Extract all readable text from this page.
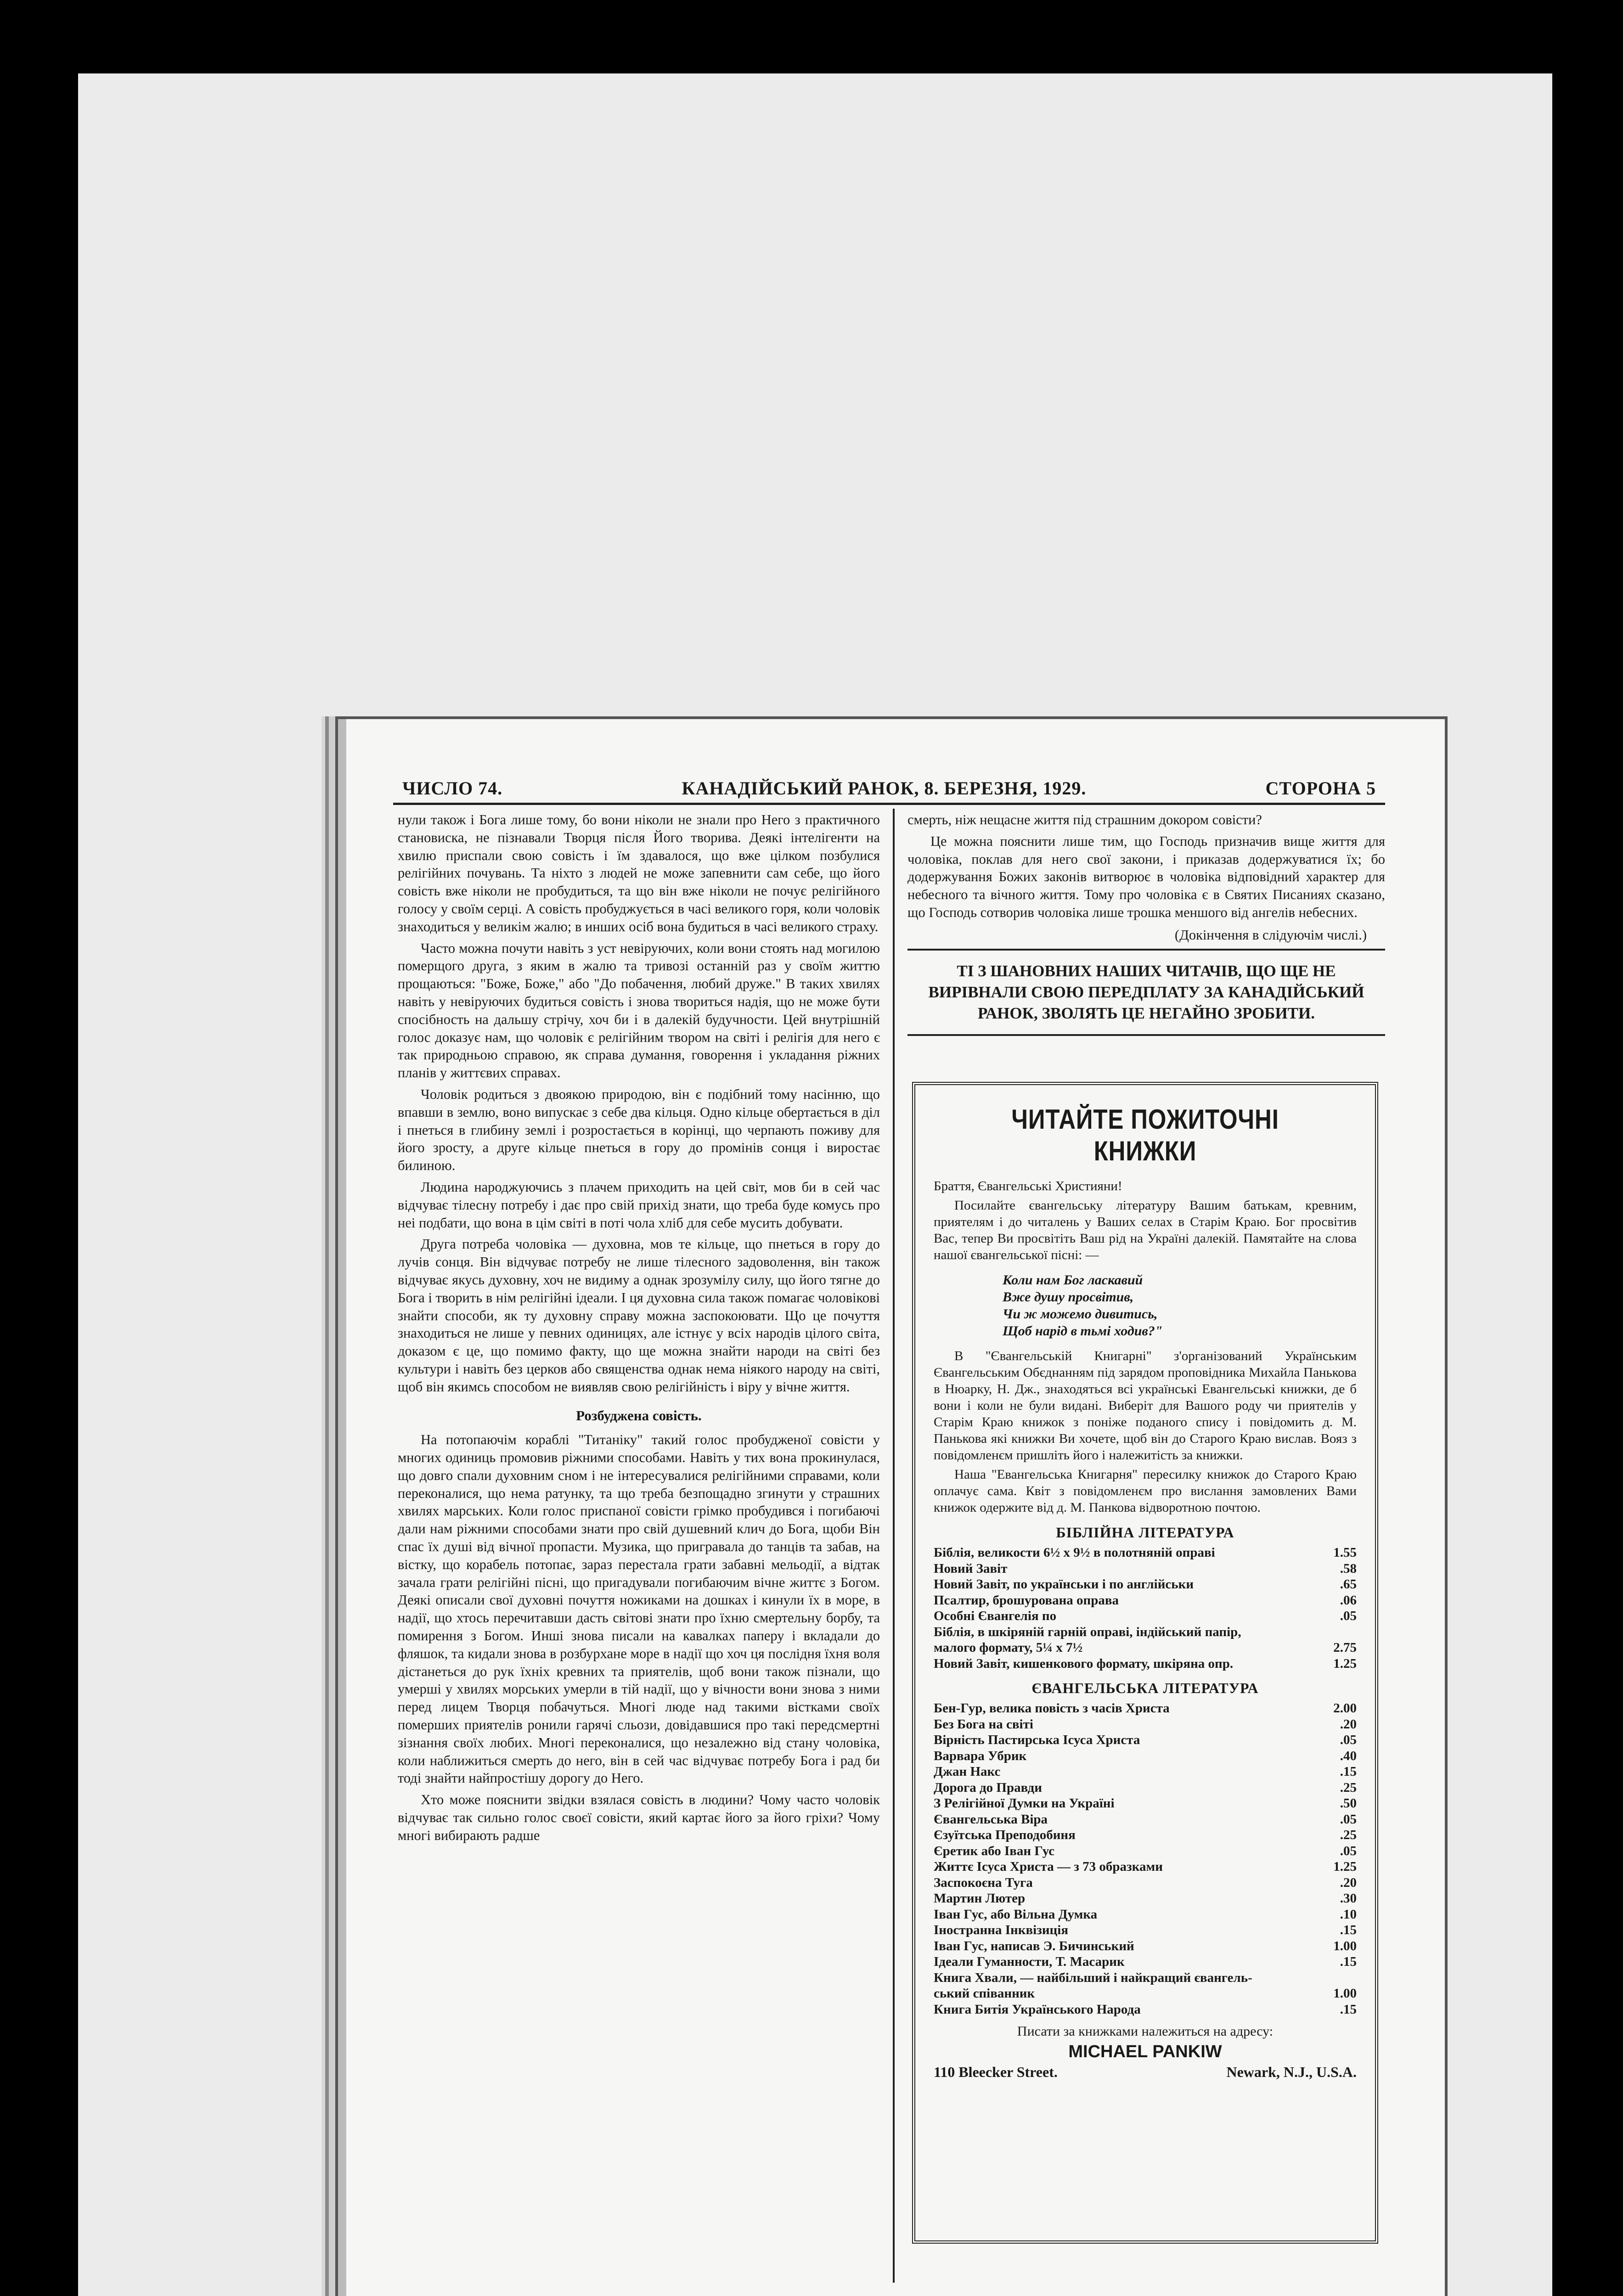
ЧИСЛО 74.	КАНАДІЙСЬКИЙ РАНОК, 8. БЕРЕЗНЯ, 1929.	СТОРОНА 5

нули також і Бога лише тому, бо вони ніколи не знали про Него з практичного становиска, не пізнавали Творця після Його творива. Деякі інтелігенти на хвилю приспали свою совість і їм здавалося, що вже цілком позбулися релігійних почувань. Та ніхто з людей не може запевнити сам себе, що його совість вже ніколи не пробудиться, та що він вже ніколи не почує релігійного голосу у своїм серці. А совість пробуджується в часі великого горя, коли чоловік знаходиться у великім жалю; в инших осіб вона будиться в часі великого страху.

Часто можна почути навіть з уст невіруючих, коли вони стоять над могилою померщого друга, з яким в жалю та тривозі останній раз у своїм життю прощаються: "Боже, Боже," або "До побачення, любий друже." В таких хвилях навіть у невіруючих будиться совість і знова твориться надія, що не може бути спосібность на дальшу стрічу, хоч би і в далекій будучности. Цей внутрішній голос доказує нам, що чоловік є релігійним твором на світі і релігія для него є так природньою справою, як справа думання, говорення і укладання ріжних планів у життєвих справах.

Чоловік родиться з двоякою природою, він є подібний тому насінню, що впавши в землю, воно випускає з себе два кільця. Одно кільце обертається в діл і пнеться в глибину землі і розростається в корінці, що черпають поживу для його зросту, а друге кільце пнеться в гору до промінів сонця і виростає билиною.

Людина народжуючись з плачем приходить на цей світ, мов би в сей час відчуває тілесну потребу і дає про свій прихід знати, що треба буде комусь про неі подбати, що вона в цім світі в поті чола хліб для себе мусить добувати.

Друга потреба чоловіка — духовна, мов те кільце, що пнеться в гору до лучів сонця. Він відчуває потребу не лише тілесного задоволення, він також відчуває якусь духовну, хоч не видиму а однак зрозумілу силу, що його тягне до Бога і творить в нім релігійні ідеали. І ця духовна сила також помагає чоловікові знайти способи, як ту духовну справу можна заспокоювати. Що це почуття знаходиться не лише у певних одиницях, але істнує у всіх народів цілого світа, доказом є це, що помимо факту, що ще можна знайти народи на світі без культури і навіть без церков або священства однак нема ніякого народу на світі, щоб він якимсь способом не виявляв свою релігійність і віру у вічне життя.

Розбуджена совість.

На потопаючім кораблі "Титаніку" такий голос пробудженої совісти у многих одиниць промовив ріжними способами. Навіть у тих вона прокинулася, що довго спали духовним сном і не інтересувалися релігійними справами, коли переконалися, що нема ратунку, та що треба безпощадно згинути у страшних хвилях марських. Коли голос приспаної совісти грімко пробудився і погибаючі дали нам ріжними способами знати про свій душевний клич до Бога, щоби Він спас їх душі від вічної пропасти. Музика, що пригравала до танців та забав, на вістку, що корабель потопає, зараз перестала грати забавні мельодії, а відтак зачала грати релігійні пісні, що пригадували погибаючим вічне життє з Богом. Деякі описали свої духовні почуття ножиками на дошках і кинули їх в море, в надії, що хтось перечитавши дасть світові знати про їхню смертельну борбу, та помирення з Богом. Инші знова писали на кавалках паперу і вкладали до фляшок, та кидали знова в розбурхане море в надії що хоч ця послідня їхня воля дістанеться до рук їхніх кревних та приятелів, щоб вони також пізнали, що умерші у хвилях морських умерли в тій надії, що у вічности вони знова з ними перед лицем Творця побачуться. Многі люде над такими вістками своїх померших приятелів ронили гарячі сльози, довідавшися про такі передсмертні зізнання своїх любих. Многі переконалися, що незалежно від стану чоловіка, коли наближиться смерть до него, він в сей час відчуває потребу Бога і рад би тоді знайти найпростішу дорогу до Него.

Хто може пояснити звідки взялася совість в людини? Чому часто чоловік відчуває так сильно голос своєї совісти, який картає його за його гріхи? Чому многі вибирають радше

смерть, ніж нещасне життя під страшним докором совісти?

Це можна пояснити лише тим, що Господь призначив вище життя для чоловіка, поклав для него свої закони, і приказав додержуватися їх; бо додержування Божих законів витворює в чоловіка відповідний характер для небесного та вічного життя. Тому про чоловіка є в Святих Писаниях сказано, що Господь сотворив чоловіка лише трошка меншого від ангелів небесних.

(Докінчення в слідуючім числі.)
ТІ З ШАНОВНИХ НАШИХ ЧИТАЧІВ, ЩО ЩЕ НЕ ВИРІВНАЛИ СВОЮ ПЕРЕДПЛАТУ ЗА КАНАДІЙСЬКИЙ РАНОК, ЗВОЛЯТЬ ЦЕ НЕГАЙНО ЗРОБИТИ.
ЧИТАЙТЕ ПОЖИТОЧНІ КНИЖКИ

Браття, Євангельські Християни!

Посилайте євангельську літературу Вашим батькам, кревним, приятелям і до читалень у Ваших селах в Старім Краю. Бог просвітив Вас, тепер Ви просвітіть Ваш рід на Україні далекій. Памятайте на слова нашої євангельської пісні: —

Коли нам Бог ласкавий
Вже душу просвітив,
Чи ж можемо дивитись,
Щоб нарід в тьмі ходив?"

В "Євангельській Книгарні" з'організований Українським Євангельським Обєднанням під зарядом проповідника Михайла Панькова в Нюарку, Н. Дж., знаходяться всі українські Евангельські книжки, де б вони і коли не були видані. Виберіт для Вашого роду чи приятелів у Старім Краю книжок з поніже поданого спису і повідомить д. М. Панькова які книжки Ви хочете, щоб він до Старого Краю вислав. Вояз з повідомленєм пришліть його і належитість за книжки.

Наша "Евангельська Книгарня" пересилку книжок до Старого Краю оплачує сама. Квіт з повідомленєм про вислання замовлених Вами книжок одержите від д. М. Панкова відворотною почтою.

БІБЛІЙНА ЛІТЕРАТУРА
Біблія, великости 6½ x 9½ в полотняній оправі	1.55
Новий Завіт	.58
Новий Завіт, по українськи і по англійськи	.65
Псалтир, брошурована оправа	.06
Особні Євангелія по	.05
Біблія, в шкіряній гарній оправі, індійський папір,
малого формату, 5¼ x 7½	2.75
Новий Завіт, кишенкового формату, шкіряна опр.	1.25
ЄВАНГЕЛЬСЬКА ЛІТЕРАТУРА
Бен-Гур, велика повість з часів Христа	2.00
Без Бога на світі	.20
Вірність Пастирська Ісуса Христа	.05
Варвара Убрик	.40
Джан Накс	.15
Дорога до Правди	.25
З Релігійної Думки на Україні	.50
Євангельська Віра	.05
Єзуїтська Преподобиня	.25
Єретик або Іван Гус	.05
Життє Ісуса Христа — з 73 образками	1.25
Заспокоєна Туга	.20
Мартин Лютер	.30
Іван Гус, або Вільна Думка	.10
Іностранна Інквізиція	.15
Іван Гус, написав Э. Бичинський	1.00
Ідеали Гуманности, Т. Масарик	.15
Книга Хвали, — найбільший і найкращий євангель-
ський співанник	1.00
Книга Битія Українського Народа	.15
Писати за книжками належиться на адресу:
MICHAEL PANKIW
110 Bleecker Street.	Newark, N.J., U.S.A.
